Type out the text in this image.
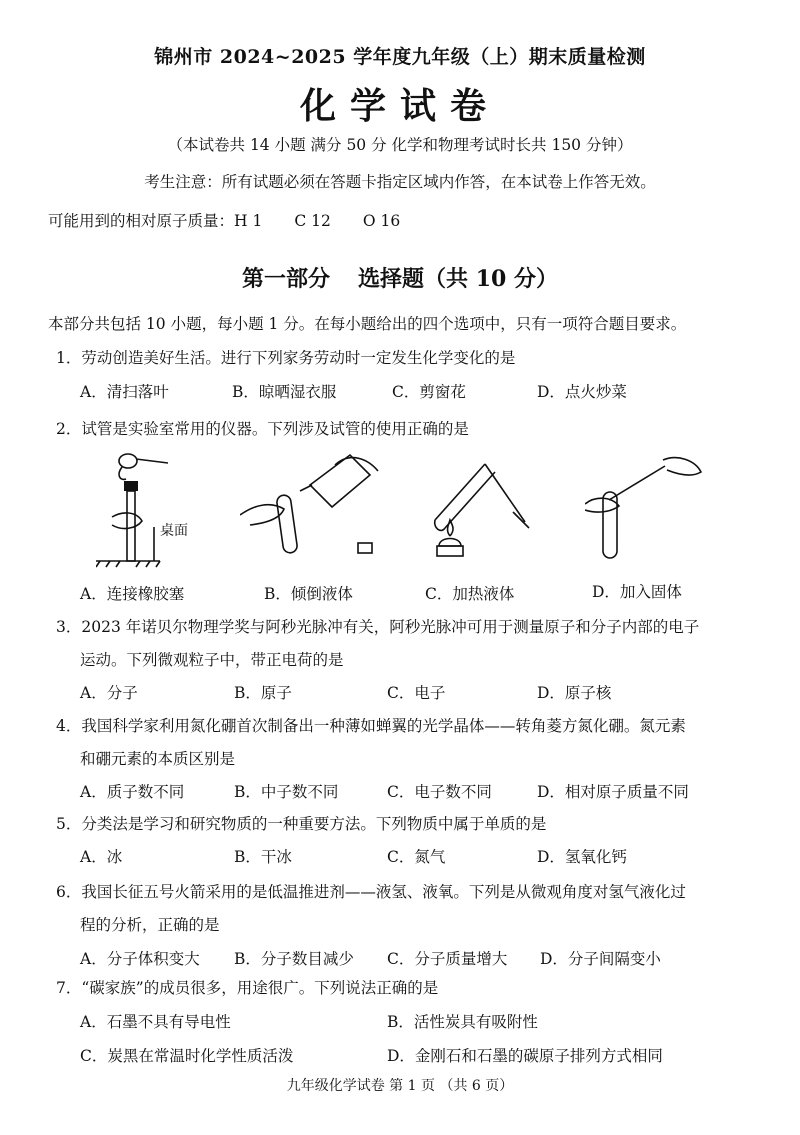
锦州市 2024~2025 学年度九年级（上）期末质量检测
化学试卷
（本试卷共 14 小题 满分 50 分 化学和物理考试时长共 150 分钟）
考生注意：所有试题必须在答题卡指定区域内作答，在本试卷上作答无效。
可能用到的相对原子质量：H 1 C 12 O 16
第一部分 选择题（共 10 分）
本部分共包括 10 小题，每小题 1 分。在每小题给出的四个选项中，只有一项符合题目要求。
1．劳动创造美好生活。进行下列家务劳动时一定发生化学变化的是
A．清扫落叶	B．晾晒湿衣服	C．剪窗花	D．点火炒菜
2．试管是实验室常用的仪器。下列涉及试管的使用正确的是
桌面
A．连接橡胶塞	B．倾倒液体	C．加热液体	D．加入固体
3．2023 年诺贝尔物理学奖与阿秒光脉冲有关，阿秒光脉冲可用于测量原子和分子内部的电子
运动。下列微观粒子中，带正电荷的是
A．分子	B．原子	C．电子	D．原子核
4．我国科学家利用氮化硼首次制备出一种薄如蝉翼的光学晶体——转角菱方氮化硼。氮元素
和硼元素的本质区别是
A．质子数不同	B．中子数不同	C．电子数不同	D．相对原子质量不同
5．分类法是学习和研究物质的一种重要方法。下列物质中属于单质的是
A．冰	B．干冰	C．氮气	D．氢氧化钙
6．我国长征五号火箭采用的是低温推进剂——液氢、液氧。下列是从微观角度对氢气液化过
程的分析，正确的是
A．分子体积变大 B．分子数目减少 C．分子质量增大 D．分子间隔变小
7．“碳家族”的成员很多，用途很广。下列说法正确的是
A．石墨不具有导电性	B．活性炭具有吸附性
C．炭黑在常温时化学性质活泼	D．金刚石和石墨的碳原子排列方式相同
九年级化学试卷 第 1 页 （共 6 页）
